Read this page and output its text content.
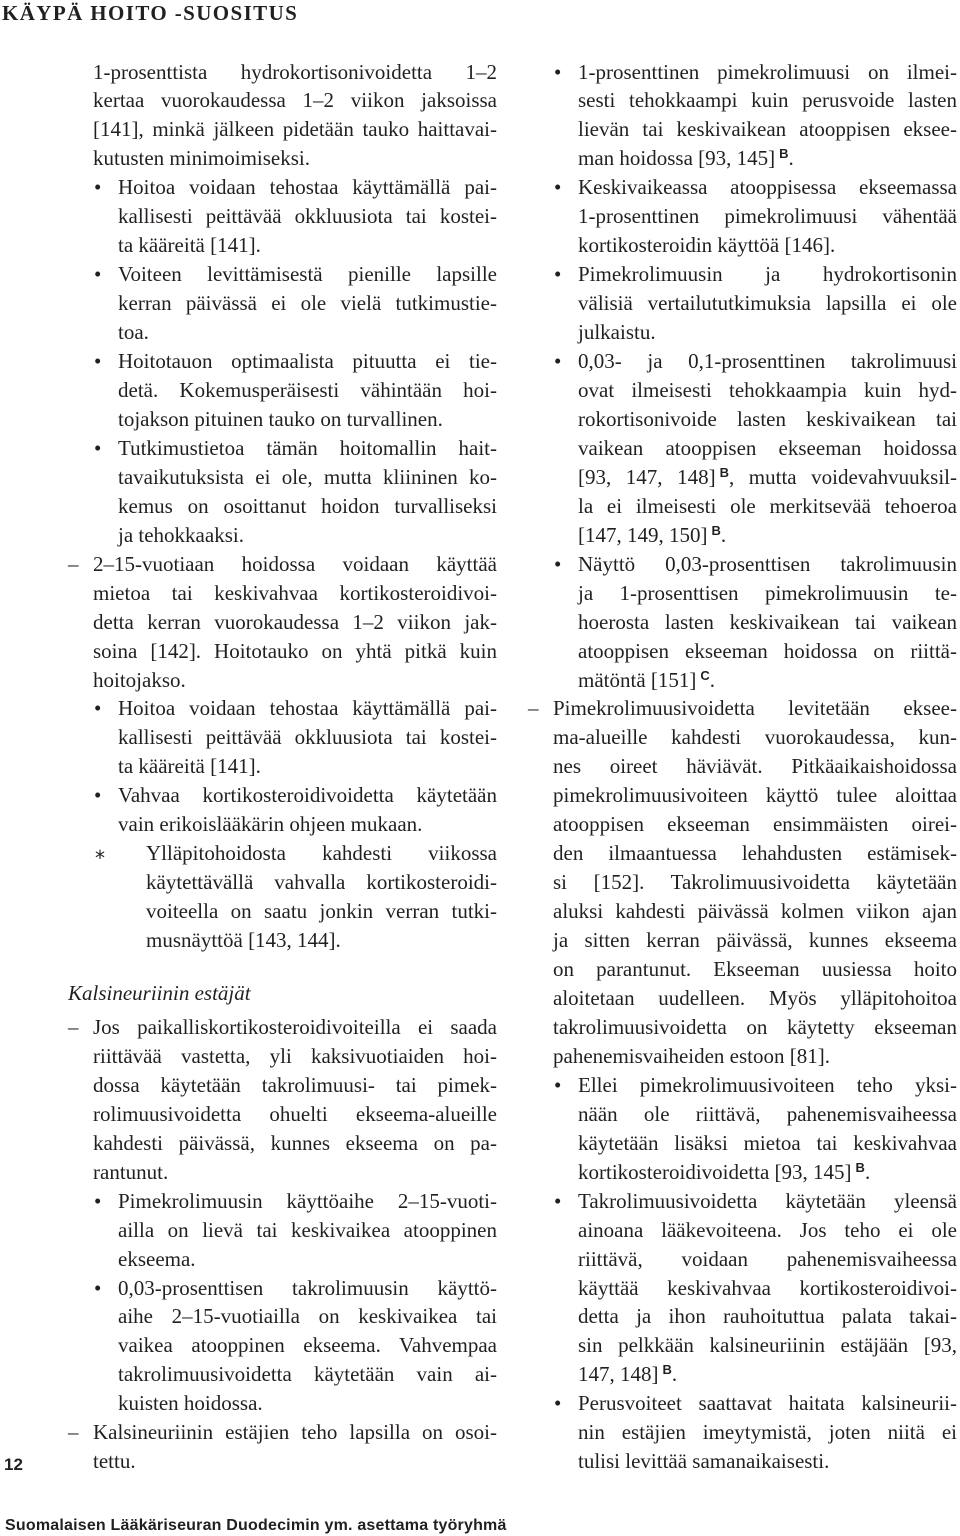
KÄYPÄ HOITO -SUOSITUS
1-prosenttista hydrokortisonivoidetta 1–2
kertaa vuorokaudessa 1–2 viikon jaksoissa
[141], minkä jälkeen pidetään tauko haittavai-
kutusten minimoimiseksi.
• Hoitoa voidaan tehostaa käyttämällä pai-
kallisesti peittävää okkluusiota tai kostei-
ta kääreitä [141].
• Voiteen levittämisestä pienille lapsille
kerran päivässä ei ole vielä tutkimustie-
toa.
• Hoitotauon optimaalista pituutta ei tie-
detä. Kokemusperäisesti vähintään hoi-
tojakson pituinen tauko on turvallinen.
• Tutkimustietoa tämän hoitomallin hait-
tavaikutuksista ei ole, mutta kliininen ko-
kemus on osoittanut hoidon turvalliseksi
ja tehokkaaksi.
– 2–15-vuotiaan hoidossa voidaan käyttää
mietoa tai keskivahvaa kortikosteroidivoi-
detta kerran vuorokaudessa 1–2 viikon jak-
soina [142]. Hoitotauko on yhtä pitkä kuin
hoitojakso.
• Hoitoa voidaan tehostaa käyttämällä pai-
kallisesti peittävää okkluusiota tai kostei-
ta kääreitä [141].
• Vahvaa kortikosteroidivoidetta käytetään
vain erikoislääkärin ohjeen mukaan.
* Ylläpitohoidosta kahdesti viikossa
käytettävällä vahvalla kortikosteroidi-
voiteella on saatu jonkin verran tutki-
musnäyttöä [143, 144].
Kalsineuriinin estäjät
– Jos paikalliskortikosteroidivoiteilla ei saada
riittävää vastetta, yli kaksivuotiaiden hoi-
dossa käytetään takrolimuusi- tai pimek-
rolimuusivoidetta ohuelti ekseema-alueille
kahdesti päivässä, kunnes ekseema on pa-
rantunut.
• Pimekrolimuusin käyttöaihe 2–15-vuoti-
ailla on lievä tai keskivaikea atooppinen
ekseema.
• 0,03-prosenttisen takrolimuusin käyttö-
aihe 2–15-vuotiailla on keskivaikea tai
vaikea atooppinen ekseema. Vahvempaa
takrolimuusivoidetta käytetään vain ai-
kuisten hoidossa.
– Kalsineuriinin estäjien teho lapsilla on osoi-
tettu.
• 1-prosenttinen pimekrolimuusi on ilmei-
sesti tehokkaampi kuin perusvoide lasten
lievän tai keskivaikean atooppisen eksee-
man hoidossa [93, 145] $^B$.
• Keskivaikeassa atooppisessa ekseemassa
1-prosenttinen pimekrolimuusi vähentää
kortikosteroidin käyttöä [146].
• Pimekrolimuusin ja hydrokortisonin
välisiä vertailututkimuksia lapsilla ei ole
julkaistu.
• 0,03- ja 0,1-prosenttinen takrolimuusi
ovat ilmeisesti tehokkaampia kuin hyd-
rokortisonivoide lasten keskivaikean tai
vaikean atooppisen ekseeman hoidossa
[93, 147, 148] $^B$, mutta voidevahvuuksil-
la ei ilmeisesti ole merkitsevää tehoeroa
[147, 149, 150] $^B$.
• Näyttö 0,03-prosenttisen takrolimuusin
ja 1-prosenttisen pimekrolimuusin te-
hoerosta lasten keskivaikean tai vaikean
atooppisen ekseeman hoidossa on riittä-
mätöntä [151] $^C$.
– Pimekrolimuusivoidetta levitetään eksee-
ma-alueille kahdesti vuorokaudessa, kun-
nes oireet häviävät. Pitkäaikaishoidossa
pimekrolimuusivoiteen käyttö tulee aloittaa
atooppisen ekseeman ensimmäisten oirei-
den ilmaantuessa lehahdusten estämisek-
si [152]. Takrolimuusivoidetta käytetään
aluksi kahdesti päivässä kolmen viikon ajan
ja sitten kerran päivässä, kunnes ekseema
on parantunut. Ekseeman uusiessa hoito
aloitetaan uudelleen. Myös ylläpitohoitoa
takrolimuusivoidetta on käytetty ekseeman
pahenemisvaiheiden estoon [81].
• Ellei pimekrolimuusivoiteen teho yksi-
nään ole riittävä, pahenemisvaiheessa
käytetään lisäksi mietoa tai keskivahvaa
kortikosteroidivoidetta [93, 145] $^B$.
• Takrolimuusivoidetta käytetään yleensä
ainoana lääkevoiteena. Jos teho ei ole
riittävä, voidaan pahenemisvaiheessa
käyttää keskivahvaa kortikosteroidivoi-
detta ja ihon rauhoituttua palata takai-
sin pelkkään kalsineuriinin estäjään [93,
147, 148] $^B$.
• Perusvoiteet saattavat haitata kalsineurii-
nin estäjien imeytymistä, joten niitä ei
tulisi levittää samanaikaisesti.
12
Suomalaisen Lääkäriseuran Duodecimin ym. asettama työryhmä
